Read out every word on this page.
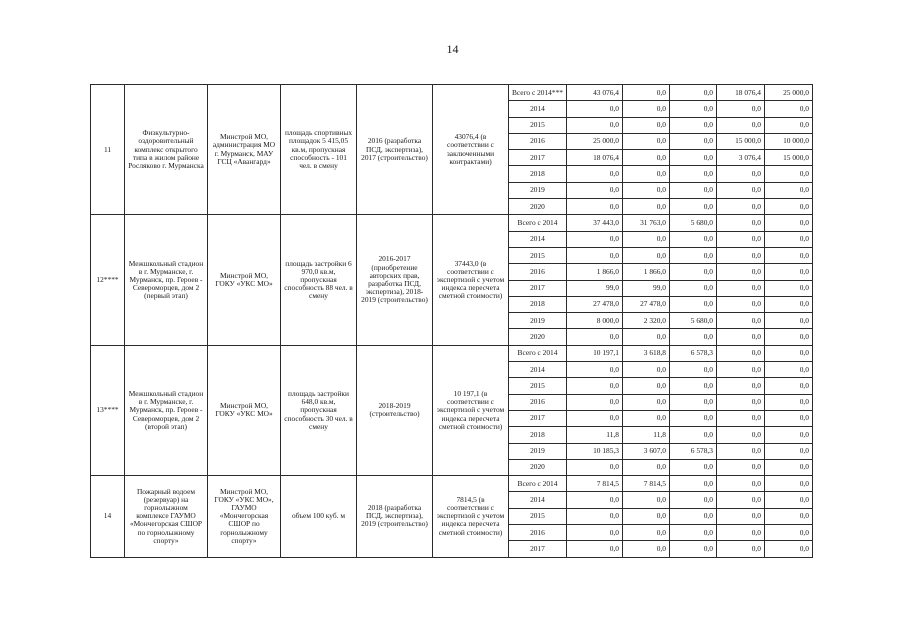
14
11	Физкультурно-оздоровительный комплекс открытого типа в жилом районе Росляково г. Мурманска	Минстрой МО, администрация МО г. Мурманск, МАУ ГСЦ «Авангард»	площадь спортивных площадок 5 415,05 кв.м, пропускная способность - 101 чел. в смену	2016 (разработка ПСД, экспертиза), 2017 (строительство)	43076,4 (в соответствии с заключенными контрактами)	Всего с 2014***	43 076,4	0,0	0,0	18 076,4	25 000,0
						2014	0,0	0,0	0,0	0,0	0,0
						2015	0,0	0,0	0,0	0,0	0,0
						2016	25 000,0	0,0	0,0	15 000,0	10 000,0
						2017	18 076,4	0,0	0,0	3 076,4	15 000,0
						2018	0,0	0,0	0,0	0,0	0,0
						2019	0,0	0,0	0,0	0,0	0,0
						2020	0,0	0,0	0,0	0,0	0,0
12****	Межшкольный стадион в г. Мурманске, г. Мурманск, пр. Героев - Североморцев, дом 2 (первый этап)	Минстрой МО, ГОКУ «УКС МО»	площадь застройки 6 970,0 кв.м, пропускная способность 88 чел. в смену	2016-2017 (приобретение авторских прав, разработка ПСД, экспертиза), 2018-2019 (строительство)	37443,0 (в соответствии с экспертизой с учетом индекса пересчета сметной стоимости)	Всего с 2014	37 443,0	31 763,0	5 680,0	0,0	0,0
						2014	0,0	0,0	0,0	0,0	0,0
						2015	0,0	0,0	0,0	0,0	0,0
						2016	1 866,0	1 866,0	0,0	0,0	0,0
						2017	99,0	99,0	0,0	0,0	0,0
						2018	27 478,0	27 478,0	0,0	0,0	0,0
						2019	8 000,0	2 320,0	5 680,0	0,0	0,0
						2020	0,0	0,0	0,0	0,0	0,0
13****	Межшкольный стадион в г. Мурманске, г. Мурманск, пр. Героев - Североморцев, дом 2 (второй этап)	Минстрой МО, ГОКУ «УКС МО»	площадь застройки 648,0 кв.м, пропускная способность 30 чел. в смену	2018-2019 (строительство)	10 197,1 (в соответствии с экспертизой с учетом индекса пересчета сметной стоимости)	Всего с 2014	10 197,1	3 618,8	6 578,3	0,0	0,0
						2014	0,0	0,0	0,0	0,0	0,0
						2015	0,0	0,0	0,0	0,0	0,0
						2016	0,0	0,0	0,0	0,0	0,0
						2017	0,0	0,0	0,0	0,0	0,0
						2018	11,8	11,8	0,0	0,0	0,0
						2019	10 185,3	3 607,0	6 578,3	0,0	0,0
						2020	0,0	0,0	0,0	0,0	0,0
14	Пожарный водоем (резервуар) на горнолыжном комплексе ГАУМО «Мончегорская СШОР по горнолыжному спорту»	Минстрой МО, ГОКУ «УКС МО», ГАУМО «Мончегорская СШОР по горнолыжному спорту»	объем 100 куб. м	2018 (разработка ПСД, экспертиза), 2019 (строительство)	7814,5 (в соответствии с экспертизой с учетом индекса пересчета сметной стоимости)	Всего с 2014	7 814,5	7 814,5	0,0	0,0	0,0
						2014	0,0	0,0	0,0	0,0	0,0
						2015	0,0	0,0	0,0	0,0	0,0
						2016	0,0	0,0	0,0	0,0	0,0
						2017	0,0	0,0	0,0	0,0	0,0
